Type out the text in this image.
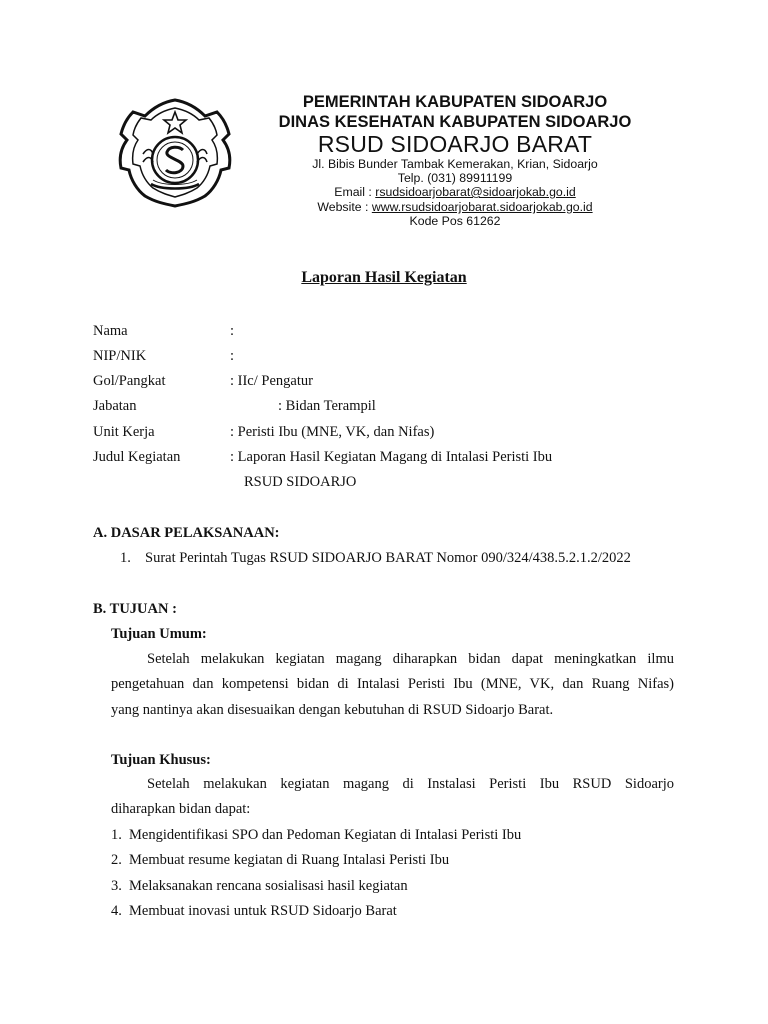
PEMERINTAH KABUPATEN SIDOARJO
DINAS KESEHATAN KABUPATEN SIDOARJO
RSUD SIDOARJO BARAT
Jl. Bibis Bunder Tambak Kemerakan, Krian, Sidoarjo
Telp. (031) 89911199
Email : rsudsidoarjobarat@sidoarjokab.go.id
Website : www.rsudsidoarjobarat.sidoarjokab.go.id
Kode Pos 61262
Laporan Hasil Kegiatan
Nama	:
NIP/NIK	:
Gol/Pangkat	: IIc/ Pengatur
Jabatan	: Bidan Terampil
Unit Kerja	: Peristi Ibu (MNE, VK, dan Nifas)
Judul Kegiatan	: Laporan Hasil Kegiatan Magang di Intalasi Peristi Ibu
RSUD SIDOARJO
A. DASAR PELAKSANAAN:
1. Surat Perintah Tugas RSUD SIDOARJO BARAT Nomor 090/324/438.5.2.1.2/2022
B. TUJUAN :
Tujuan Umum:
Setelah melakukan kegiatan magang diharapkan bidan dapat meningkatkan ilmu
pengetahuan dan kompetensi bidan di Intalasi Peristi Ibu (MNE, VK, dan Ruang Nifas)
yang nantinya akan disesuaikan dengan kebutuhan di RSUD Sidoarjo Barat.
Tujuan Khusus:
Setelah melakukan kegiatan magang di Instalasi Peristi Ibu RSUD Sidoarjo
diharapkan bidan dapat:
1. Mengidentifikasi SPO dan Pedoman Kegiatan di Intalasi Peristi Ibu
2. Membuat resume kegiatan di Ruang Intalasi Peristi Ibu
3. Melaksanakan rencana sosialisasi hasil kegiatan
4. Membuat inovasi untuk RSUD Sidoarjo Barat
